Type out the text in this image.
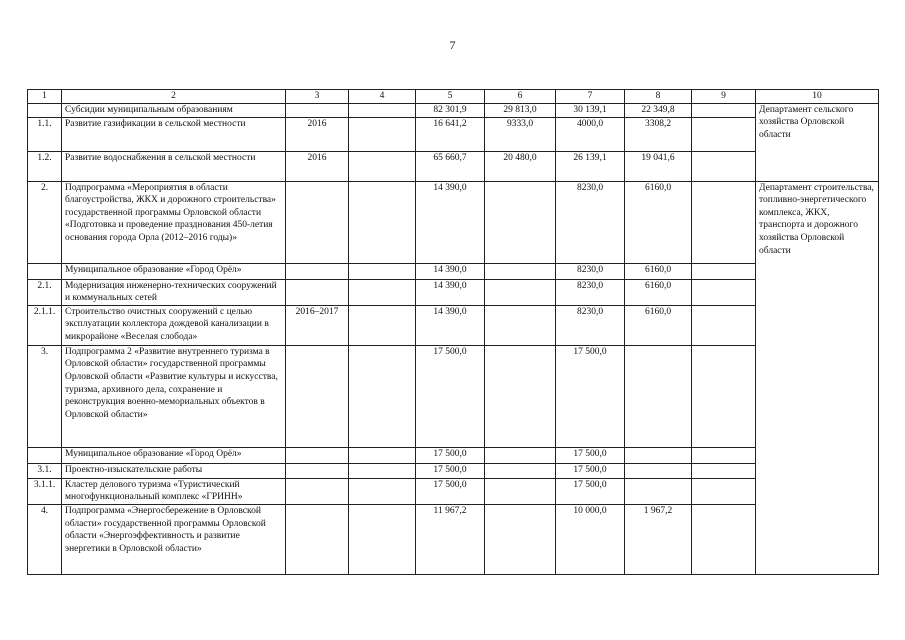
7
1	2	3	4	5	6	7	8	9	10
	Субсидии муниципальным образованиям			82 301,9	29 813,0	30 139,1	22 349,8		Департамент сельского хозяйства Орловской области
1.1.	Развитие газификации в сельской местности	2016		16 641,2	9333,0	4000,0	3308,2		
1.2.	Развитие водоснабжения в сельской местности	2016		65 660,7	20 480,0	26 139,1	19 041,6		
2.	Подпрограмма «Мероприятия в области благоустройства, ЖКХ и дорожного строительства» государственной программы Орловской области «Подготовка и проведение празднования 450-летия основания города Орла (2012–2016 годы)»			14 390,0		8230,0	6160,0		Департамент строительства, топливно-энергетического комплекса, ЖКХ, транспорта и дорожного хозяйства Орловской области
	Муниципальное образование «Город Орёл»			14 390,0		8230,0	6160,0		
2.1.	Модернизация инженерно-технических сооружений и коммунальных сетей			14 390,0		8230,0	6160,0		
2.1.1.	Строительство очистных сооружений с целью эксплуатации коллектора дождевой канализации в микрорайоне «Веселая слобода»	2016–2017		14 390,0		8230,0	6160,0		
3.	Подпрограмма 2 «Развитие внутреннего туризма в Орловской области» государственной программы Орловской области «Развитие культуры и искусства, туризма, архивного дела, сохранение и реконструкция военно-мемориальных объектов в Орловской области»			17 500,0		17 500,0			
	Муниципальное образование «Город Орёл»			17 500,0		17 500,0			
3.1.	Проектно-изыскательские работы			17 500,0		17 500,0			
3.1.1.	Кластер делового туризма «Туристический многофункциональный комплекс «ГРИНН»			17 500,0		17 500,0			
4.	Подпрограмма «Энергосбережение в Орловской области» государственной программы Орловской области «Энергоэффективность и развитие энергетики в Орловской области»			11 967,2		10 000,0	1 967,2		
